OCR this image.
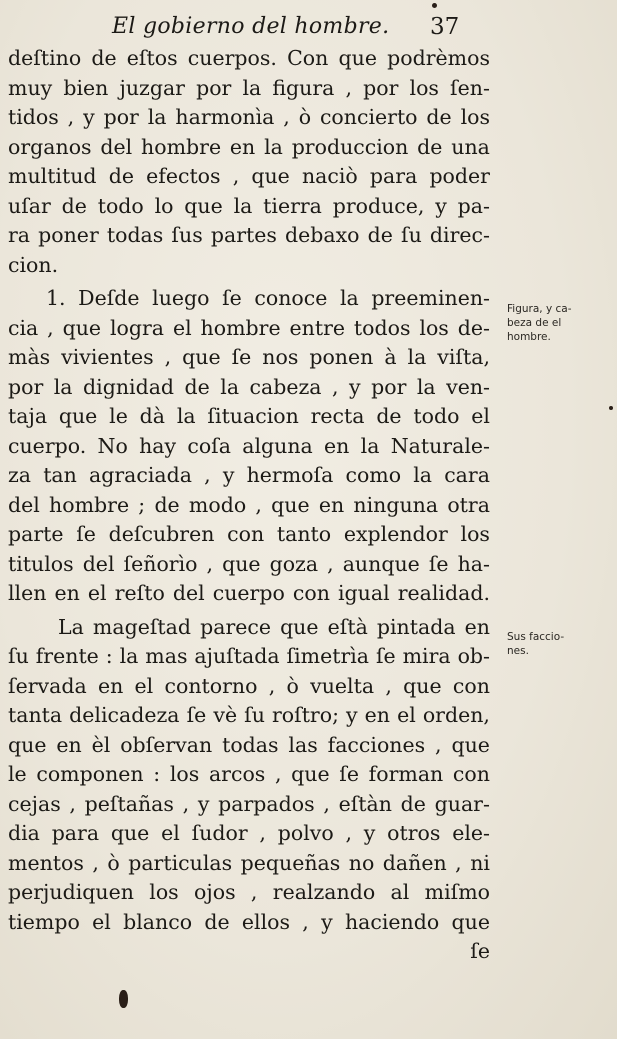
El gobierno del hombre. 37
deſtino de eſtos cuerpos. Con que podrèmos
muy bien juzgar por la figura , por los ſen-
tidos , y por la harmonìa , ò concierto de los
organos del hombre en la produccion de una
multitud de efectos , que naciò para poder
uſar de todo lo que la tierra produce, y pa-
ra poner todas ſus partes debaxo de ſu direc-
cion.
1. Deſde luego ſe conoce la preeminen-
cia , que logra el hombre entre todos los de-
màs vivientes , que ſe nos ponen à la viſta,
por la dignidad de la cabeza , y por la ven-
taja que le dà la ſituacion recta de todo el
cuerpo. No hay coſa alguna en la Naturale-
za tan agraciada , y hermoſa como la cara
del hombre ; de modo , que en ninguna otra
parte ſe deſcubren con tanto explendor los
titulos del ſeñorìo , que goza , aunque ſe ha-
llen en el reſto del cuerpo con igual realidad.
La mageſtad parece que eſtà pintada en
ſu frente : la mas ajuſtada ſimetrìa ſe mira ob-
ſervada en el contorno , ò vuelta , que con
tanta delicadeza ſe vè ſu roſtro; y en el orden,
que en èl obſervan todas las facciones , que
le componen : los arcos , que ſe forman con
cejas , peſtañas , y parpados , eſtàn de guar-
dia para que el ſudor , polvo , y otros ele-
mentos , ò particulas pequeñas no dañen , ni
perjudiquen los ojos , realzando al miſmo
tiempo el blanco de ellos , y haciendo que
ſe
Figura, y ca-
beza de el
hombre.
Sus faccio-
nes.
